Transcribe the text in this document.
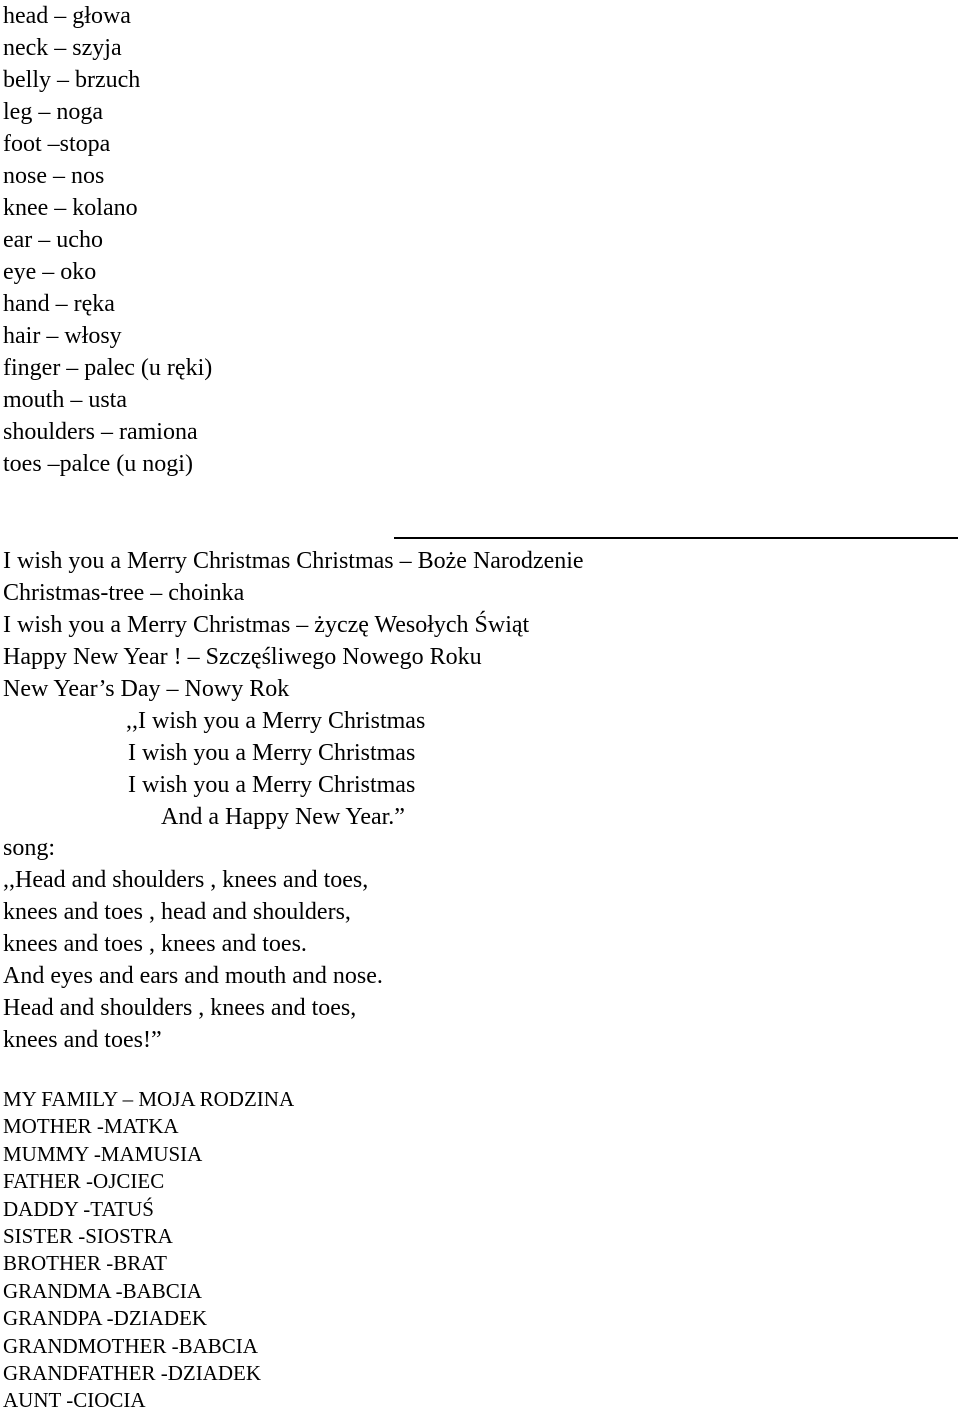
head – głowa
neck – szyja
belly – brzuch
leg – noga
foot –stopa
nose – nos
knee – kolano
ear – ucho
eye – oko
hand – ręka
hair – włosy
finger – palec (u ręki)
mouth – usta
shoulders – ramiona
toes –palce (u nogi)
I wish you a Merry Christmas Christmas – Boże Narodzenie
Christmas-tree – choinka
I wish you a Merry Christmas – życzę Wesołych Świąt
Happy New Year ! – Szczęśliwego Nowego Roku
New Year’s Day – Nowy Rok
,,I wish you a Merry Christmas
I wish you a Merry Christmas
I wish you a Merry Christmas
And a Happy New Year.”
song:
,,Head and shoulders , knees and toes,
knees and toes , head and shoulders,
knees and toes , knees and toes.
And eyes and ears and mouth and nose.
Head and shoulders , knees and toes,
knees and toes!”
MY FAMILY – MOJA RODZINA
MOTHER -MATKA
MUMMY -MAMUSIA
FATHER -OJCIEC
DADDY -TATUŚ
SISTER -SIOSTRA
BROTHER -BRAT
GRANDMA -BABCIA
GRANDPA -DZIADEK
GRANDMOTHER -BABCIA
GRANDFATHER -DZIADEK
AUNT -CIOCIA
